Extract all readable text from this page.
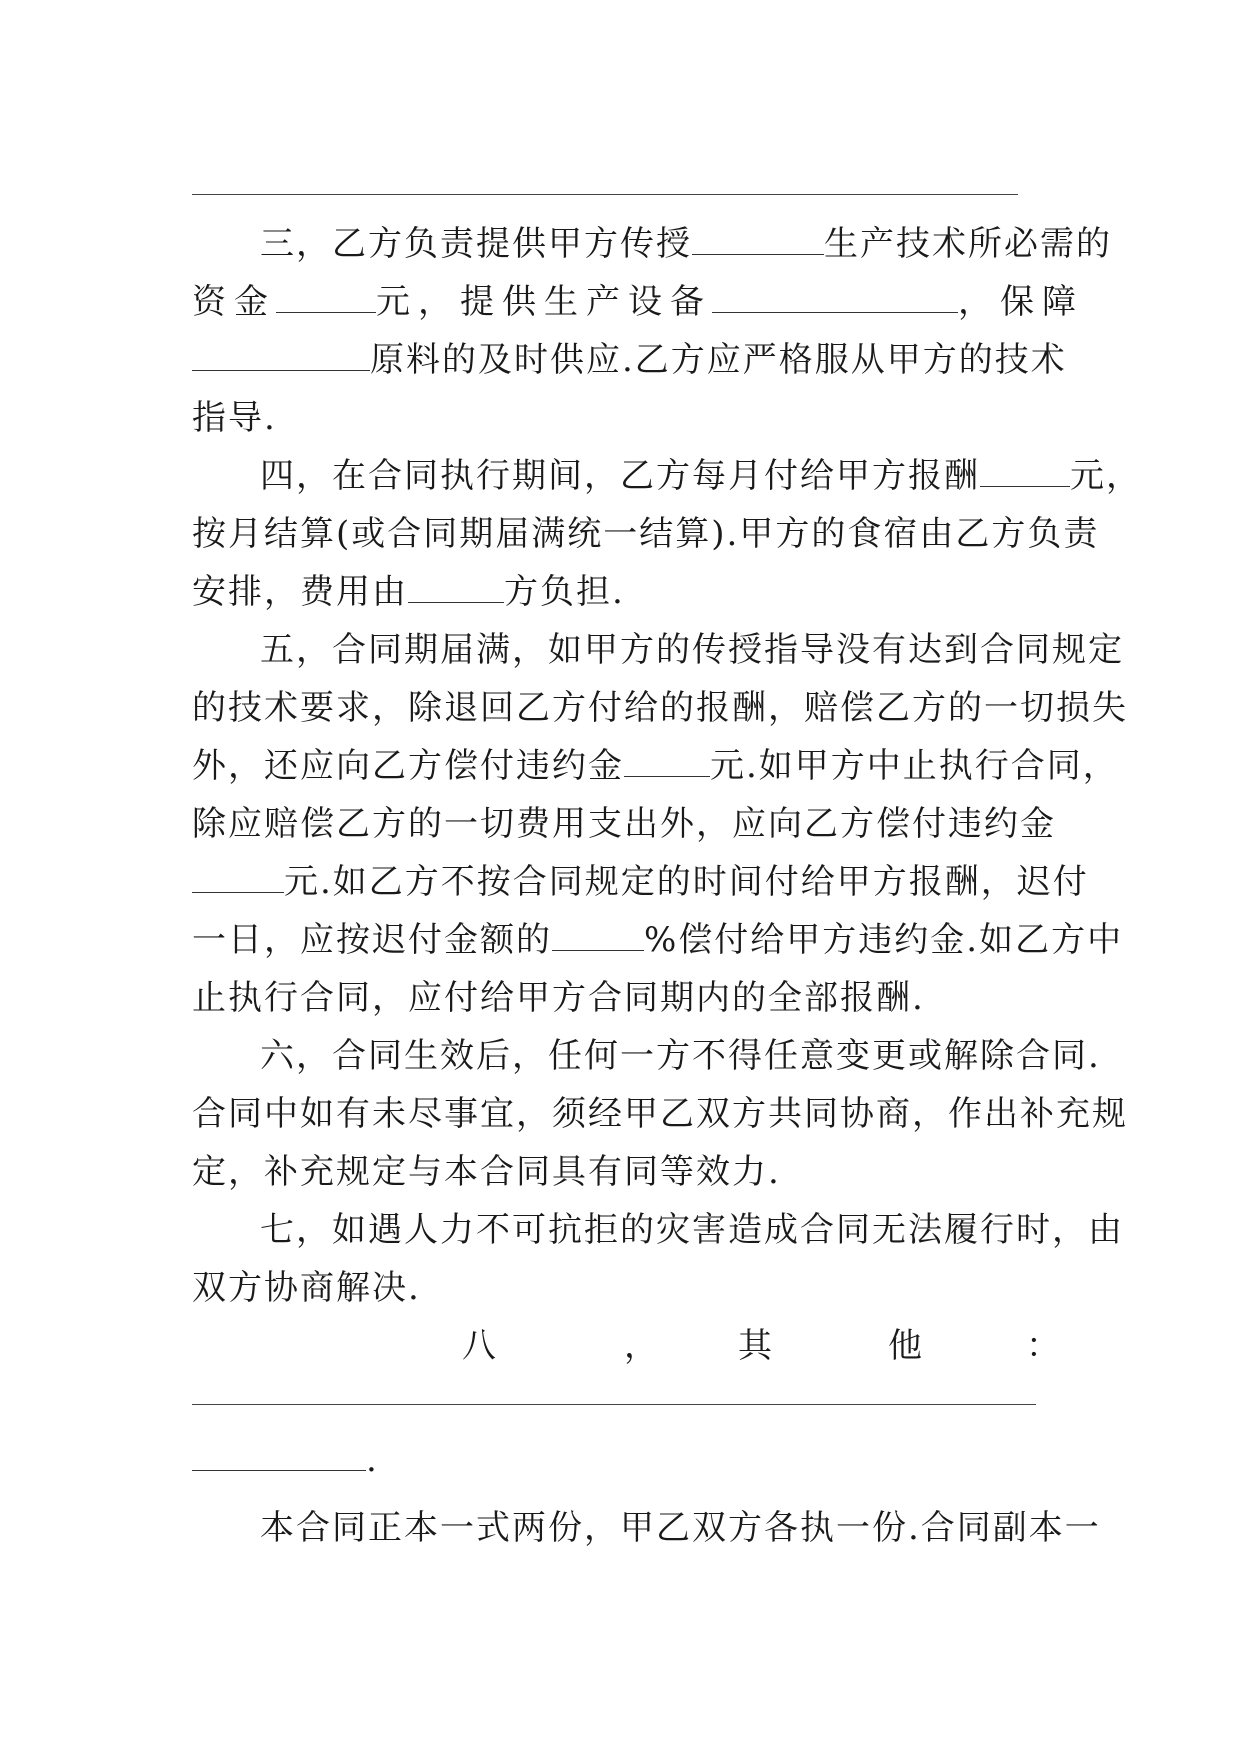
三，乙方负责提供甲方传授	生产技术所必需的
资金	元，提供生产设备	，保障
原料的及时供应.乙方应严格服从甲方的技术
指导.
四，在合同执行期间，乙方每月付给甲方报酬	元，
按月结算(或合同期届满统一结算).甲方的食宿由乙方负责
安排，费用由	方负担.
五，合同期届满，如甲方的传授指导没有达到合同规定
的技术要求，除退回乙方付给的报酬，赔偿乙方的一切损失
外，还应向乙方偿付违约金	元.如甲方中止执行合同，
除应赔偿乙方的一切费用支出外，应向乙方偿付违约金
元.如乙方不按合同规定的时间付给甲方报酬，迟付
一日，应按迟付金额的	%偿付给甲方违约金.如乙方中
止执行合同，应付给甲方合同期内的全部报酬.
六，合同生效后，任何一方不得任意变更或解除合同.
合同中如有未尽事宜，须经甲乙双方共同协商，作出补充规
定，补充规定与本合同具有同等效力.
七，如遇人力不可抗拒的灾害造成合同无法履行时，由
双方协商解决.
八	， 其	他	：
.
本合同正本一式两份，甲乙双方各执一份.合同副本一
